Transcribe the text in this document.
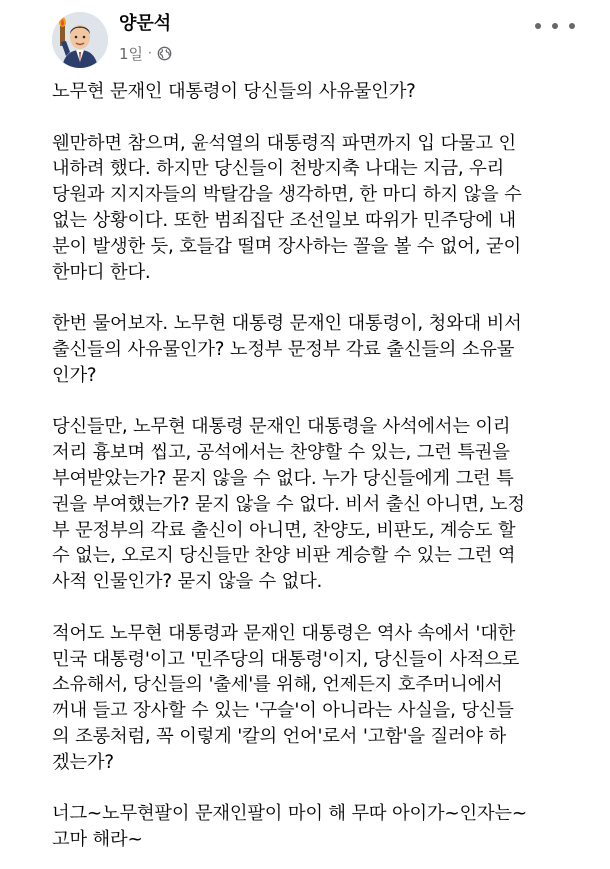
양문석
1일 ·

노무현 문재인 대통령이 당신들의 사유물인가?

웬만하면 참으며, 윤석열의 대통령직 파면까지 입 다물고 인
내하려 했다. 하지만 당신들이 천방지축 나대는 지금, 우리
당원과 지지자들의 박탈감을 생각하면, 한 마디 하지 않을 수
없는 상황이다. 또한 범죄집단 조선일보 따위가 민주당에 내
분이 발생한 듯, 호들갑 떨며 장사하는 꼴을 볼 수 없어, 굳이
한마디 한다.

한번 물어보자. 노무현 대통령 문재인 대통령이, 청와대 비서
출신들의 사유물인가? 노정부 문정부 각료 출신들의 소유물
인가?

당신들만, 노무현 대통령 문재인 대통령을 사석에서는 이리
저리 흉보며 씹고, 공석에서는 찬양할 수 있는, 그런 특권을
부여받았는가? 묻지 않을 수 없다. 누가 당신들에게 그런 특
권을 부여했는가? 묻지 않을 수 없다. 비서 출신 아니면, 노정
부 문정부의 각료 출신이 아니면, 찬양도, 비판도, 계승도 할
수 없는, 오로지 당신들만 찬양 비판 계승할 수 있는 그런 역
사적 인물인가? 묻지 않을 수 없다.

적어도 노무현 대통령과 문재인 대통령은 역사 속에서 '대한
민국 대통령'이고 '민주당의 대통령'이지, 당신들이 사적으로
소유해서, 당신들의 '출세'를 위해, 언제든지 호주머니에서
꺼내 들고 장사할 수 있는 '구슬'이 아니라는 사실을, 당신들
의 조롱처럼, 꼭 이렇게 '칼의 언어'로서 '고함'을 질러야 하
겠는가?

너그~노무현팔이 문재인팔이 마이 해 무따 아이가~인자는~
고마 해라~
